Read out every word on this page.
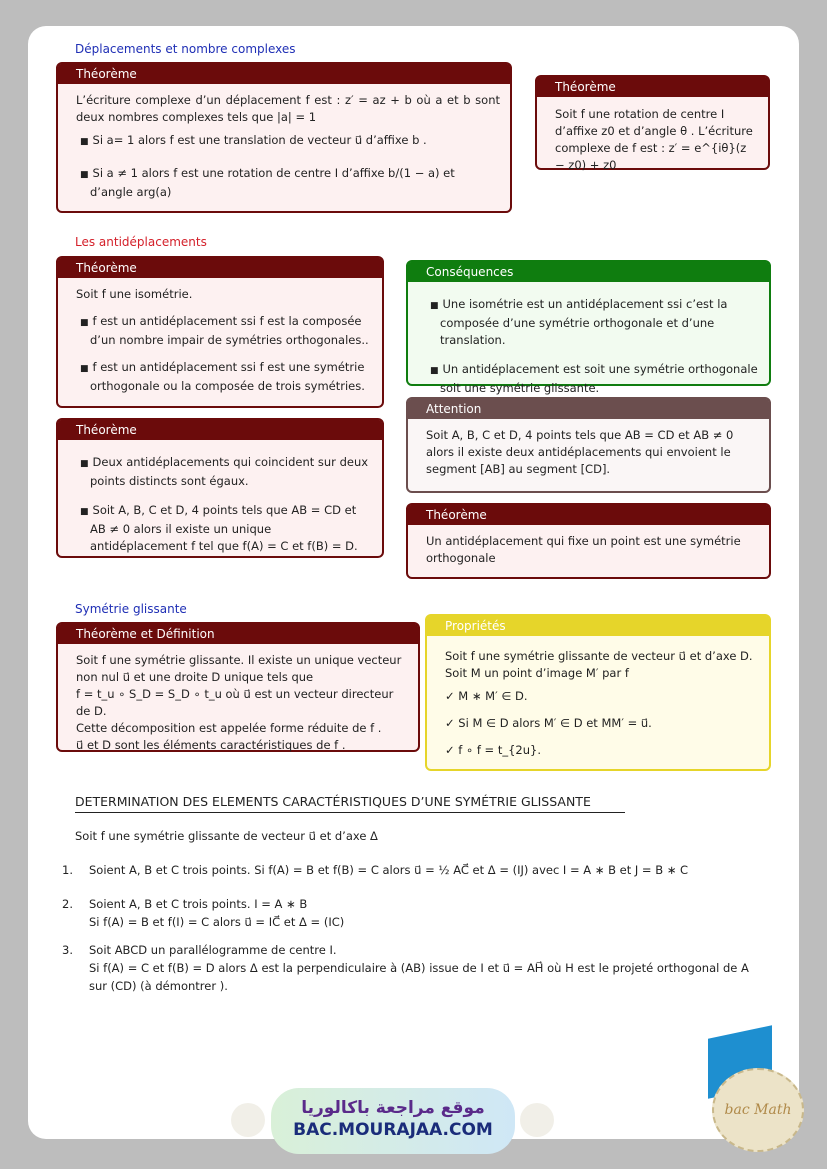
Déplacements et nombre complexes
Théorème
L’écriture complexe d’un déplacement f est : z′ = az + b où a et b sont deux nombres complexes tels que |a| = 1
■ Si a= 1 alors f est une translation de vecteur u⃗ d’affixe b .
■ Si a ≠ 1 alors f est une rotation de centre I d’affixe b/(1 − a) et d’angle arg(a)
Théorème
Soit f une rotation de centre I d’affixe z0 et d’angle θ . L’écriture complexe de f est : z′ = e^{iθ}(z − z0) + z0
Les antidéplacements
Théorème
Soit f une isométrie.
■ f est un antidéplacement ssi f est la composée d’un nombre impair de symétries orthogonales..
■ f est un antidéplacement ssi f est une symétrie orthogonale ou la composée de trois symétries.
Conséquences
■ Une isométrie est un antidéplacement ssi c’est la composée d’une symétrie orthogonale et d’une translation.
■ Un antidéplacement est soit une symétrie orthogonale soit une symétrie glissante.
Théorème
■ Deux antidéplacements qui coincident sur deux points distincts sont égaux.
■ Soit A, B, C et D, 4 points tels que AB = CD et AB ≠ 0 alors il existe un unique antidéplacement f tel que f(A) = C et f(B) = D.
Attention
Soit A, B, C et D, 4 points tels que AB = CD et AB ≠ 0 alors il existe deux antidéplacements qui envoient le segment [AB] au segment [CD].
Théorème
Un antidéplacement qui fixe un point est une symétrie orthogonale
Symétrie glissante
Théorème et Définition
Soit f une symétrie glissante. Il existe un unique vecteur non nul u⃗ et une droite D unique tels que
f = t_u ∘ S_D = S_D ∘ t_u où u⃗ est un vecteur directeur de D.
Cette décomposition est appelée forme réduite de f .
u⃗ et D sont les éléments caractéristiques de f .
Propriétés
Soit f une symétrie glissante de vecteur u⃗ et d’axe D.
Soit M un point d’image M′ par f
✓ M ∗ M′ ∈ D.
✓ Si M ∈ D alors M′ ∈ D et MM′ = u⃗.
✓ f ∘ f = t_{2u}.
DETERMINATION DES ELEMENTS CARACTÉRISTIQUES D’UNE SYMÉTRIE GLISSANTE
Soit f une symétrie glissante de vecteur u⃗ et d’axe Δ
1. Soient A, B et C trois points. Si f(A) = B et f(B) = C alors u⃗ = ½ AC⃗ et Δ = (IJ) avec I = A ∗ B et J = B ∗ C
2. Soient A, B et C trois points. I = A ∗ B
Si f(A) = B et f(I) = C alors u⃗ = IC⃗ et Δ = (IC)
3. Soit ABCD un parallélogramme de centre I.
Si f(A) = C et f(B) = D alors Δ est la perpendiculaire à (AB) issue de I et u⃗ = AH⃗ où H est le projeté orthogonal de A sur (CD) (à démontrer ).
bac Math
موقع مراجعة باكالوريا
BAC.MOURAJAA.COM
